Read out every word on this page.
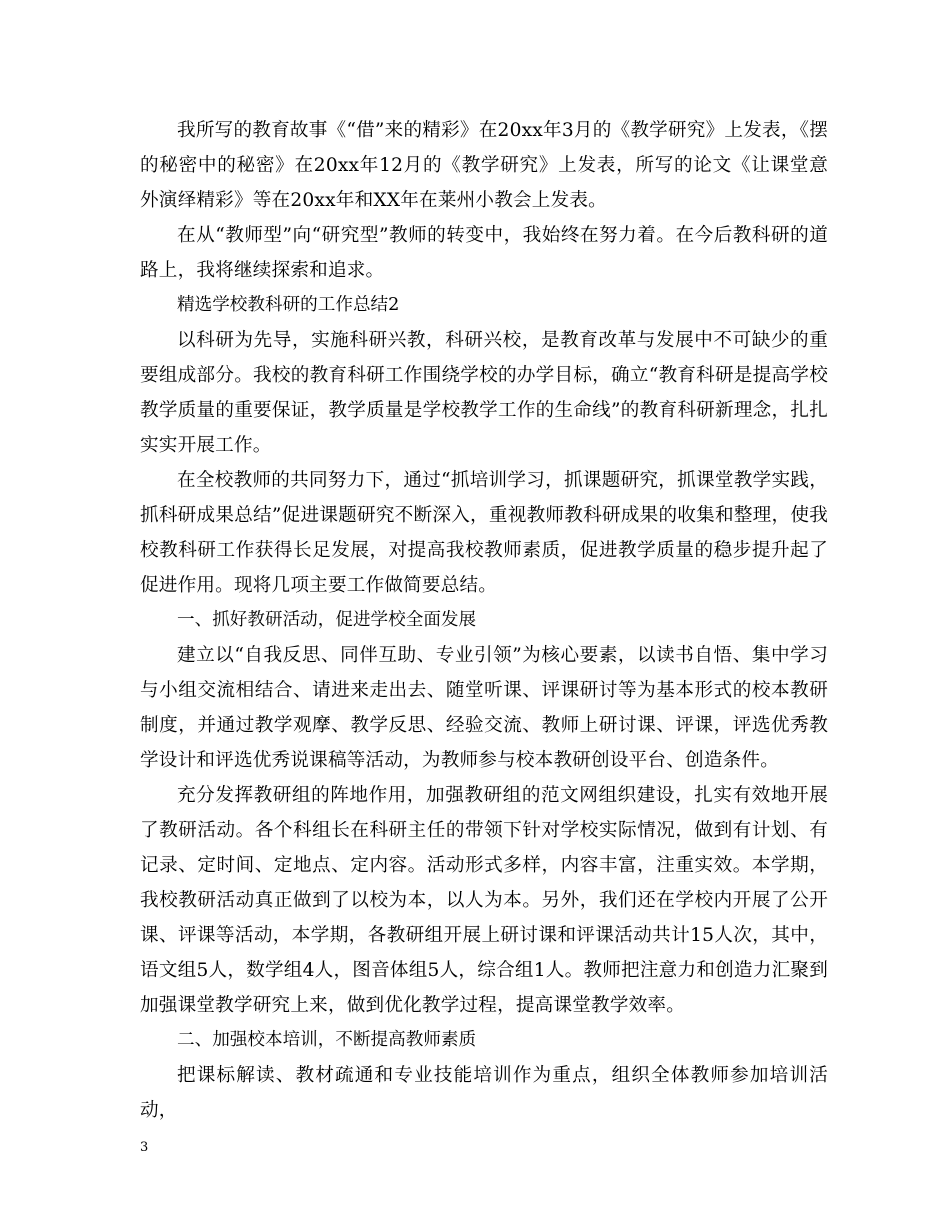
我所写的教育故事《“借”来的精彩》在20xx年3月的《教学研究》上发表，《摆的秘密中的秘密》在20xx年12月的《教学研究》上发表，所写的论文《让课堂意外演绎精彩》等在20xx年和XX年在莱州小教会上发表。

在从“教师型”向“研究型”教师的转变中，我始终在努力着。在今后教科研的道路上，我将继续探索和追求。

精选学校教科研的工作总结2

以科研为先导，实施科研兴教，科研兴校，是教育改革与发展中不可缺少的重要组成部分。我校的教育科研工作围绕学校的办学目标，确立“教育科研是提高学校教学质量的重要保证，教学质量是学校教学工作的生命线”的教育科研新理念，扎扎实实开展工作。

在全校教师的共同努力下，通过“抓培训学习，抓课题研究，抓课堂教学实践，抓科研成果总结”促进课题研究不断深入，重视教师教科研成果的收集和整理，使我校教科研工作获得长足发展，对提高我校教师素质，促进教学质量的稳步提升起了促进作用。现将几项主要工作做简要总结。

一、抓好教研活动，促进学校全面发展

建立以“自我反思、同伴互助、专业引领”为核心要素，以读书自悟、集中学习与小组交流相结合、请进来走出去、随堂听课、评课研讨等为基本形式的校本教研制度，并通过教学观摩、教学反思、经验交流、教师上研讨课、评课，评选优秀教学设计和评选优秀说课稿等活动，为教师参与校本教研创设平台、创造条件。

充分发挥教研组的阵地作用，加强教研组的范文网组织建设，扎实有效地开展了教研活动。各个科组长在科研主任的带领下针对学校实际情况，做到有计划、有记录、定时间、定地点、定内容。活动形式多样，内容丰富，注重实效。本学期，我校教研活动真正做到了以校为本，以人为本。另外，我们还在学校内开展了公开课、评课等活动，本学期，各教研组开展上研讨课和评课活动共计15人次，其中，语文组5人，数学组4人，图音体组5人，综合组1人。教师把注意力和创造力汇聚到加强课堂教学研究上来，做到优化教学过程，提高课堂教学效率。

二、加强校本培训，不断提高教师素质

把课标解读、教材疏通和专业技能培训作为重点，组织全体教师参加培训活动，

3
